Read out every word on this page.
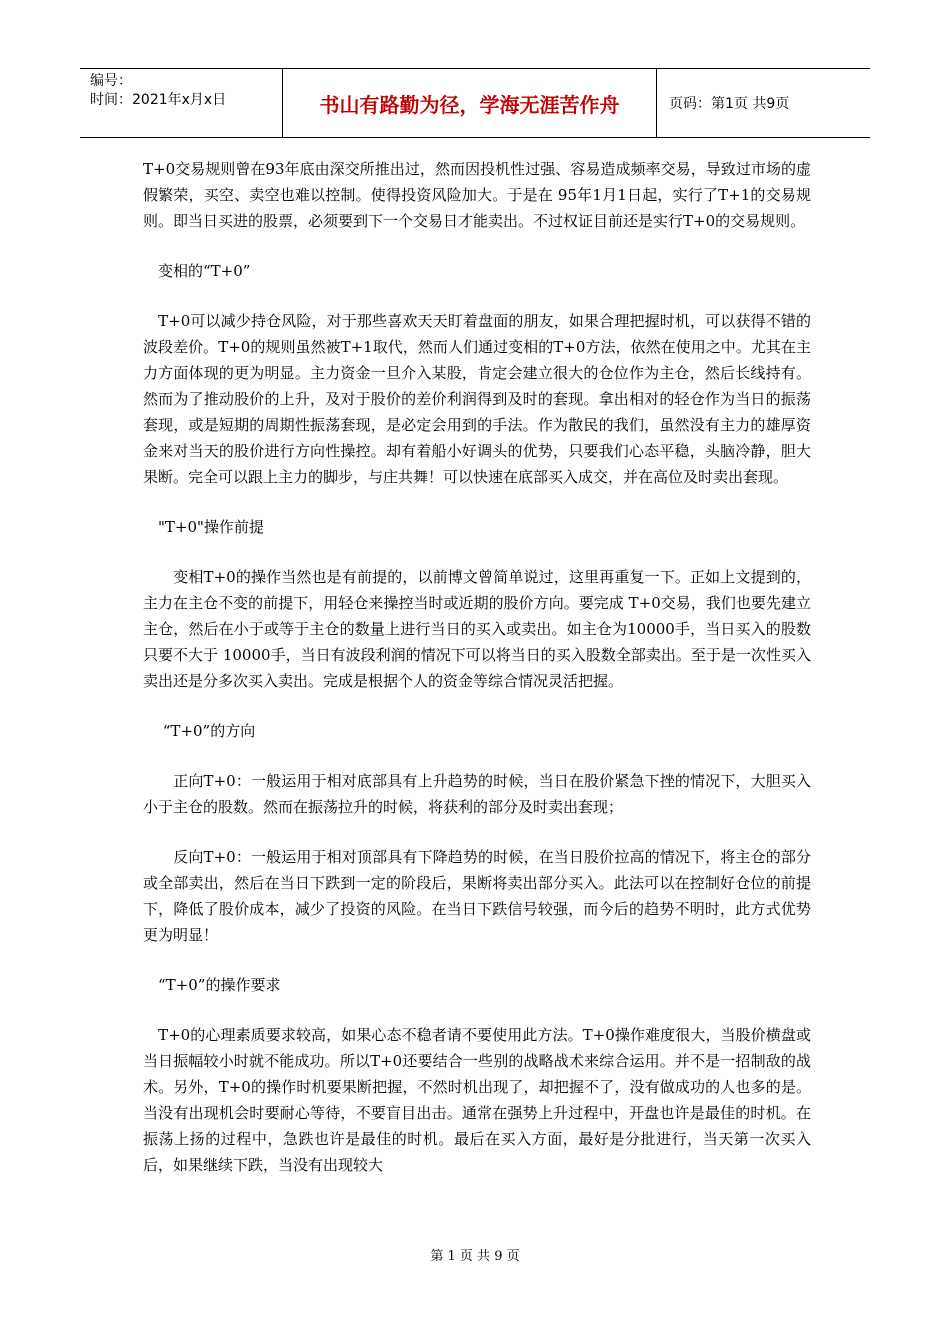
编号：
时间：2021年x月x日	书山有路勤为径，学海无涯苦作舟	页码：第1页 共9页

T+0交易规则曾在93年底由深交所推出过，然而因投机性过强、容易造成频率交易，导致过市场的虚假繁荣，买空、卖空也难以控制。使得投资风险加大。于是在 95年1月1日起，实行了T+1的交易规则。即当日买进的股票，必须要到下一个交易日才能卖出。不过权证目前还是实行T+0的交易规则。

　变相的“T+0”

　T+0可以减少持仓风险，对于那些喜欢天天盯着盘面的朋友，如果合理把握时机，可以获得不错的波段差价。T+0的规则虽然被T+1取代，然而人们通过变相的T+0方法，依然在使用之中。尤其在主力方面体现的更为明显。主力资金一旦介入某股，肯定会建立很大的仓位作为主仓，然后长线持有。然而为了推动股价的上升，及对于股价的差价利润得到及时的套现。拿出相对的轻仓作为当日的振荡套现，或是短期的周期性振荡套现，是必定会用到的手法。作为散民的我们，虽然没有主力的雄厚资金来对当天的股价进行方向性操控。却有着船小好调头的优势，只要我们心态平稳，头脑冷静，胆大果断。完全可以跟上主力的脚步，与庄共舞！可以快速在底部买入成交，并在高位及时卖出套现。

　"T+0"操作前提

　　变相T+0的操作当然也是有前提的，以前博文曾简单说过，这里再重复一下。正如上文提到的，主力在主仓不变的前提下，用轻仓来操控当时或近期的股价方向。要完成 T+0交易，我们也要先建立主仓，然后在小于或等于主仓的数量上进行当日的买入或卖出。如主仓为10000手，当日买入的股数只要不大于 10000手，当日有波段利润的情况下可以将当日的买入股数全部卖出。至于是一次性买入卖出还是分多次买入卖出。完成是根据个人的资金等综合情况灵活把握。

　 “T+0”的方向

　　正向T+0：一般运用于相对底部具有上升趋势的时候，当日在股价紧急下挫的情况下，大胆买入小于主仓的股数。然而在振荡拉升的时候，将获利的部分及时卖出套现；

　　反向T+0：一般运用于相对顶部具有下降趋势的时候，在当日股价拉高的情况下，将主仓的部分或全部卖出，然后在当日下跌到一定的阶段后，果断将卖出部分买入。此法可以在控制好仓位的前提下，降低了股价成本，减少了投资的风险。在当日下跌信号较强，而今后的趋势不明时，此方式优势更为明显！

　“T+0”的操作要求

　T+0的心理素质要求较高，如果心态不稳者请不要使用此方法。T+0操作难度很大，当股价横盘或当日振幅较小时就不能成功。所以T+0还要结合一些别的战略战术来综合运用。并不是一招制敌的战术。另外，T+0的操作时机要果断把握，不然时机出现了，却把握不了，没有做成功的人也多的是。当没有出现机会时要耐心等待，不要盲目出击。通常在强势上升过程中，开盘也许是最佳的时机。在振荡上扬的过程中，急跌也许是最佳的时机。最后在买入方面，最好是分批进行，当天第一次买入后，如果继续下跌，当没有出现较大

第 1 页 共 9 页
